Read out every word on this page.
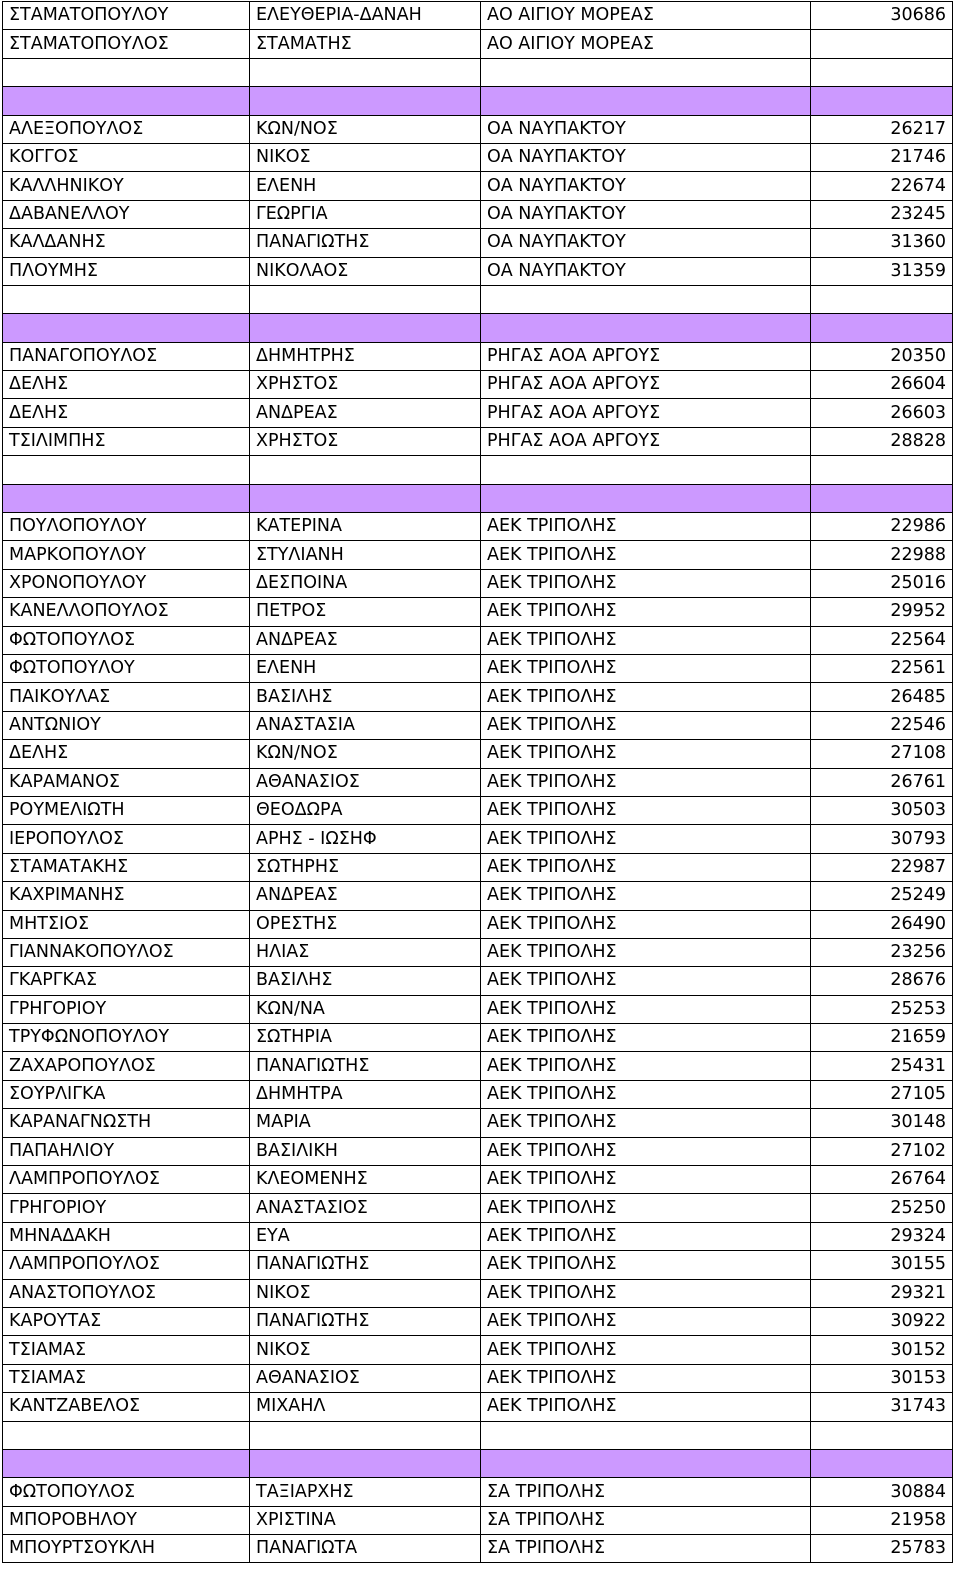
ΣΤΑΜΑΤΟΠΟΥΛΟΥ	ΕΛΕΥΘΕΡΙΑ-ΔΑΝΑΗ	ΑΟ ΑΙΓΙΟΥ ΜΟΡΕΑΣ	30686
ΣΤΑΜΑΤΟΠΟΥΛΟΣ	ΣΤΑΜΑΤΗΣ	ΑΟ ΑΙΓΙΟΥ ΜΟΡΕΑΣ	

ΑΛΕΞΟΠΟΥΛΟΣ	ΚΩΝ/ΝΟΣ	ΟΑ ΝΑΥΠΑΚΤΟΥ	26217
ΚΟΓΓΟΣ	ΝΙΚΟΣ	ΟΑ ΝΑΥΠΑΚΤΟΥ	21746
ΚΑΛΛΗΝΙΚΟΥ	ΕΛΕΝΗ	ΟΑ ΝΑΥΠΑΚΤΟΥ	22674
ΔΑΒΑΝΕΛΛΟΥ	ΓΕΩΡΓΙΑ	ΟΑ ΝΑΥΠΑΚΤΟΥ	23245
ΚΑΛΔΑΝΗΣ	ΠΑΝΑΓΙΩΤΗΣ	ΟΑ ΝΑΥΠΑΚΤΟΥ	31360
ΠΛΟΥΜΗΣ	ΝΙΚΟΛΑΟΣ	ΟΑ ΝΑΥΠΑΚΤΟΥ	31359

ΠΑΝΑΓΟΠΟΥΛΟΣ	ΔΗΜΗΤΡΗΣ	ΡΗΓΑΣ ΑΟΑ ΑΡΓΟΥΣ	20350
ΔΕΛΗΣ	ΧΡΗΣΤΟΣ	ΡΗΓΑΣ ΑΟΑ ΑΡΓΟΥΣ	26604
ΔΕΛΗΣ	ΑΝΔΡΕΑΣ	ΡΗΓΑΣ ΑΟΑ ΑΡΓΟΥΣ	26603
ΤΣΙΛΙΜΠΗΣ	ΧΡΗΣΤΟΣ	ΡΗΓΑΣ ΑΟΑ ΑΡΓΟΥΣ	28828

ΠΟΥΛΟΠΟΥΛΟΥ	ΚΑΤΕΡΙΝΑ	ΑΕΚ ΤΡΙΠΟΛΗΣ	22986
ΜΑΡΚΟΠΟΥΛΟΥ	ΣΤΥΛΙΑΝΗ	ΑΕΚ ΤΡΙΠΟΛΗΣ	22988
ΧΡΟΝΟΠΟΥΛΟΥ	ΔΕΣΠΟΙΝΑ	ΑΕΚ ΤΡΙΠΟΛΗΣ	25016
ΚΑΝΕΛΛΟΠΟΥΛΟΣ	ΠΕΤΡΟΣ	ΑΕΚ ΤΡΙΠΟΛΗΣ	29952
ΦΩΤΟΠΟΥΛΟΣ	ΑΝΔΡΕΑΣ	ΑΕΚ ΤΡΙΠΟΛΗΣ	22564
ΦΩΤΟΠΟΥΛΟΥ	ΕΛΕΝΗ	ΑΕΚ ΤΡΙΠΟΛΗΣ	22561
ΠΑΙΚΟΥΛΑΣ	ΒΑΣΙΛΗΣ	ΑΕΚ ΤΡΙΠΟΛΗΣ	26485
ΑΝΤΩΝΙΟΥ	ΑΝΑΣΤΑΣΙΑ	ΑΕΚ ΤΡΙΠΟΛΗΣ	22546
ΔΕΛΗΣ	ΚΩΝ/ΝΟΣ	ΑΕΚ ΤΡΙΠΟΛΗΣ	27108
ΚΑΡΑΜΑΝΟΣ	ΑΘΑΝΑΣΙΟΣ	ΑΕΚ ΤΡΙΠΟΛΗΣ	26761
ΡΟΥΜΕΛΙΩΤΗ	ΘΕΟΔΩΡΑ	ΑΕΚ ΤΡΙΠΟΛΗΣ	30503
ΙΕΡΟΠΟΥΛΟΣ	ΑΡΗΣ - ΙΩΣΗΦ	ΑΕΚ ΤΡΙΠΟΛΗΣ	30793
ΣΤΑΜΑΤΑΚΗΣ	ΣΩΤΗΡΗΣ	ΑΕΚ ΤΡΙΠΟΛΗΣ	22987
ΚΑΧΡΙΜΑΝΗΣ	ΑΝΔΡΕΑΣ	ΑΕΚ ΤΡΙΠΟΛΗΣ	25249
ΜΗΤΣΙΟΣ	ΟΡΕΣΤΗΣ	ΑΕΚ ΤΡΙΠΟΛΗΣ	26490
ΓΙΑΝΝΑΚΟΠΟΥΛΟΣ	ΗΛΙΑΣ	ΑΕΚ ΤΡΙΠΟΛΗΣ	23256
ΓΚΑΡΓΚΑΣ	ΒΑΣΙΛΗΣ	ΑΕΚ ΤΡΙΠΟΛΗΣ	28676
ΓΡΗΓΟΡΙΟΥ	ΚΩΝ/ΝΑ	ΑΕΚ ΤΡΙΠΟΛΗΣ	25253
ΤΡΥΦΩΝΟΠΟΥΛΟΥ	ΣΩΤΗΡΙΑ	ΑΕΚ ΤΡΙΠΟΛΗΣ	21659
ΖΑΧΑΡΟΠΟΥΛΟΣ	ΠΑΝΑΓΙΩΤΗΣ	ΑΕΚ ΤΡΙΠΟΛΗΣ	25431
ΣΟΥΡΛΙΓΚΑ	ΔΗΜΗΤΡΑ	ΑΕΚ ΤΡΙΠΟΛΗΣ	27105
ΚΑΡΑΝΑΓΝΩΣΤΗ	ΜΑΡΙΑ	ΑΕΚ ΤΡΙΠΟΛΗΣ	30148
ΠΑΠΑΗΛΙΟΥ	ΒΑΣΙΛΙΚΗ	ΑΕΚ ΤΡΙΠΟΛΗΣ	27102
ΛΑΜΠΡΟΠΟΥΛΟΣ	ΚΛΕΟΜΕΝΗΣ	ΑΕΚ ΤΡΙΠΟΛΗΣ	26764
ΓΡΗΓΟΡΙΟΥ	ΑΝΑΣΤΑΣΙΟΣ	ΑΕΚ ΤΡΙΠΟΛΗΣ	25250
ΜΗΝΑΔΑΚΗ	ΕΥΑ	ΑΕΚ ΤΡΙΠΟΛΗΣ	29324
ΛΑΜΠΡΟΠΟΥΛΟΣ	ΠΑΝΑΓΙΩΤΗΣ	ΑΕΚ ΤΡΙΠΟΛΗΣ	30155
ΑΝΑΣΤΟΠΟΥΛΟΣ	ΝΙΚΟΣ	ΑΕΚ ΤΡΙΠΟΛΗΣ	29321
ΚΑΡΟΥΤΑΣ	ΠΑΝΑΓΙΩΤΗΣ	ΑΕΚ ΤΡΙΠΟΛΗΣ	30922
ΤΣΙΑΜΑΣ	ΝΙΚΟΣ	ΑΕΚ ΤΡΙΠΟΛΗΣ	30152
ΤΣΙΑΜΑΣ	ΑΘΑΝΑΣΙΟΣ	ΑΕΚ ΤΡΙΠΟΛΗΣ	30153
ΚΑΝΤΖΑΒΕΛΟΣ	ΜΙΧΑΗΛ	ΑΕΚ ΤΡΙΠΟΛΗΣ	31743

ΦΩΤΟΠΟΥΛΟΣ	ΤΑΞΙΑΡΧΗΣ	ΣΑ ΤΡΙΠΟΛΗΣ	30884
ΜΠΟΡΟΒΗΛΟΥ	ΧΡΙΣΤΙΝΑ	ΣΑ ΤΡΙΠΟΛΗΣ	21958
ΜΠΟΥΡΤΣΟΥΚΛΗ	ΠΑΝΑΓΙΩΤΑ	ΣΑ ΤΡΙΠΟΛΗΣ	25783
